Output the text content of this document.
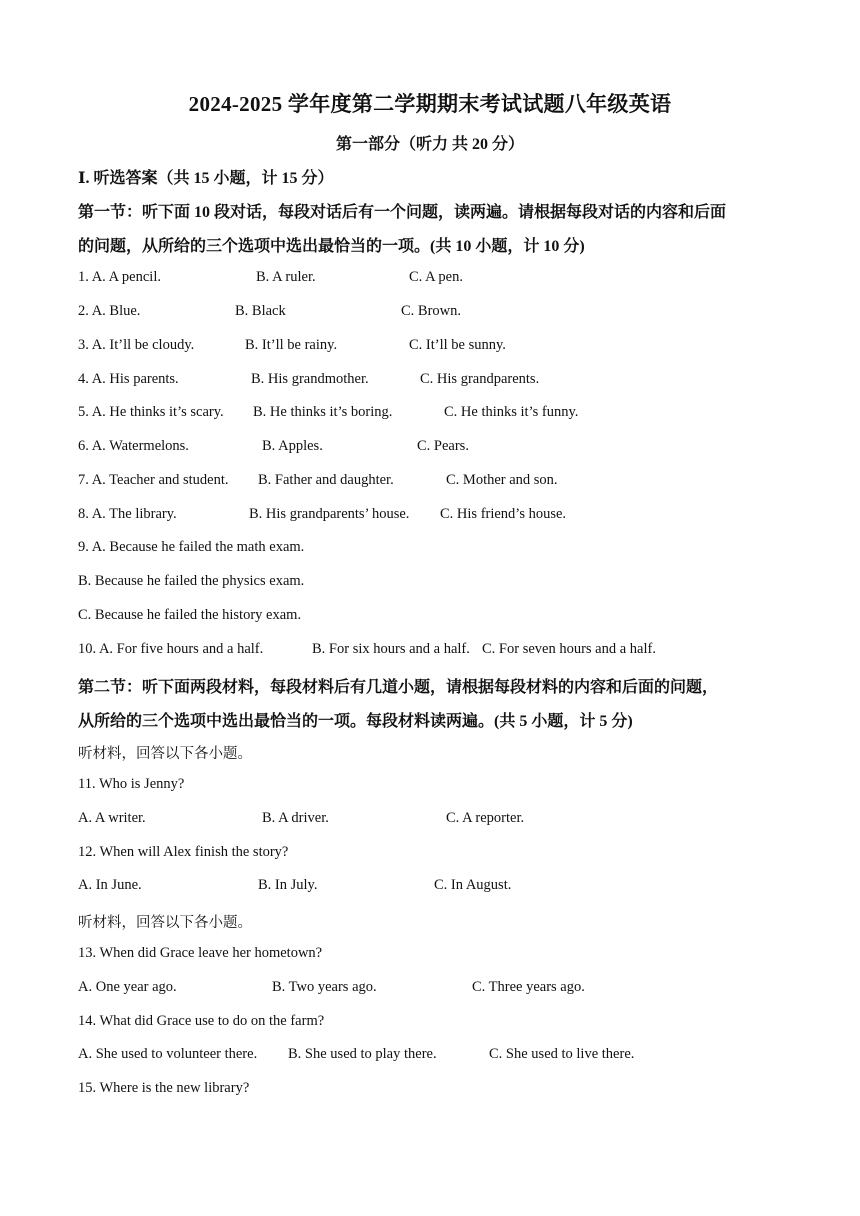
2024-2025 学年度第二学期期末考试试题八年级英语
第一部分（听力 共 20 分）
Ⅰ. 听选答案（共 15 小题，计 15 分）
第一节：听下面 10 段对话，每段对话后有一个问题，读两遍。请根据每段对话的内容和后面
的问题，从所给的三个选项中选出最恰当的一项。(共 10 小题，计 10 分)
1. A. A pencil.	B. A ruler.	C. A pen.
2. A. Blue.	B. Black	C. Brown.
3. A. It’ll be cloudy.	B. It’ll be rainy.	C. It’ll be sunny.
4. A. His parents.	B. His grandmother.	C. His grandparents.
5. A. He thinks it’s scary. B. He thinks it’s boring.	C. He thinks it’s funny.
6. A. Watermelons.	B. Apples.	C. Pears.
7. A. Teacher and student. B. Father and daughter.	C. Mother and son.
8. A. The library.	B. His grandparents’ house. C. His friend’s house.
9. A. Because he failed the math exam.
B. Because he failed the physics exam.
C. Because he failed the history exam.
10. A. For five hours and a half.	B. For six hours and a half. C. For seven hours and a half.
第二节：听下面两段材料，每段材料后有几道小题，请根据每段材料的内容和后面的问题，
从所给的三个选项中选出最恰当的一项。每段材料读两遍。(共 5 小题，计 5 分)
听材料，回答以下各小题。
11. Who is Jenny?
A. A writer.	B. A driver.	C. A reporter.
12. When will Alex finish the story?
A. In June.	B. In July.	C. In August.
听材料，回答以下各小题。
13. When did Grace leave her hometown?
A. One year ago.	B. Two years ago.	C. Three years ago.
14. What did Grace use to do on the farm?
A. She used to volunteer there. B. She used to play there.	C. She used to live there.
15. Where is the new library?
